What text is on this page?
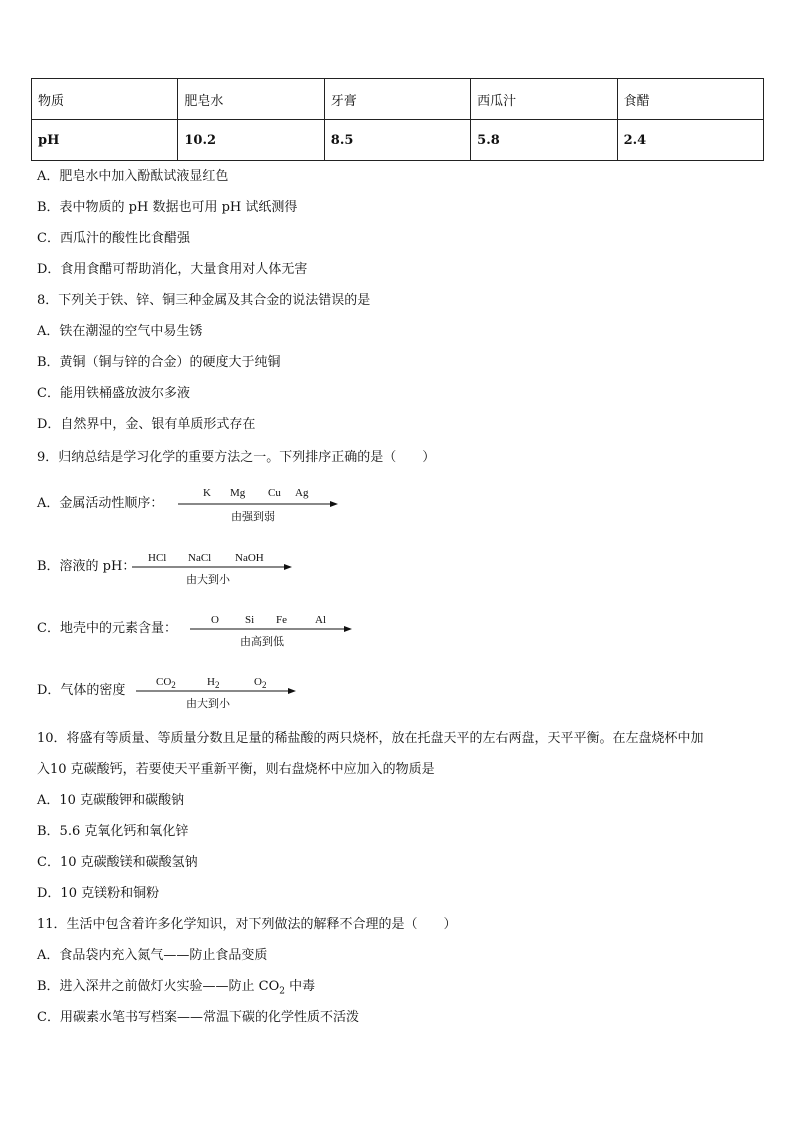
物质	肥皂水	牙膏	西瓜汁	食醋
pH	10.2	8.5	5.8	2.4
A．肥皂水中加入酚酞试液显红色
B．表中物质的 pH 数据也可用 pH 试纸测得
C．西瓜汁的酸性比食醋强
D．食用食醋可帮助消化，大量食用对人体无害
8．下列关于铁、锌、铜三种金属及其合金的说法错误的是
A．铁在潮湿的空气中易生锈
B．黄铜（铜与锌的合金）的硬度大于纯铜
C．能用铁桶盛放波尔多液
D．自然界中，金、银有单质形式存在
9．归纳总结是学习化学的重要方法之一。下列排序正确的是（　　）
A．金属活动性顺序：
K Mg Cu Ag
由强到弱
B．溶液的 pH：
HCl NaCl NaOH
由大到小
C．地壳中的元素含量：
O Si Fe	Al
由高到低
D．气体的密度
$CO_2$	$H_2$	$O_2$
由大到小
10．将盛有等质量、等质量分数且足量的稀盐酸的两只烧杯，放在托盘天平的左右两盘，天平平衡。在左盘烧杯中加
入10 克碳酸钙，若要使天平重新平衡，则右盘烧杯中应加入的物质是
A．10 克碳酸钾和碳酸钠
B．5.6 克氧化钙和氧化锌
C．10 克碳酸镁和碳酸氢钠
D．10 克镁粉和铜粉
11．生活中包含着许多化学知识，对下列做法的解释不合理的是（　　）
A．食品袋内充入氮气——防止食品变质
B．进入深井之前做灯火实验——防止 $CO_2$ 中毒
C．用碳素水笔书写档案——常温下碳的化学性质不活泼
